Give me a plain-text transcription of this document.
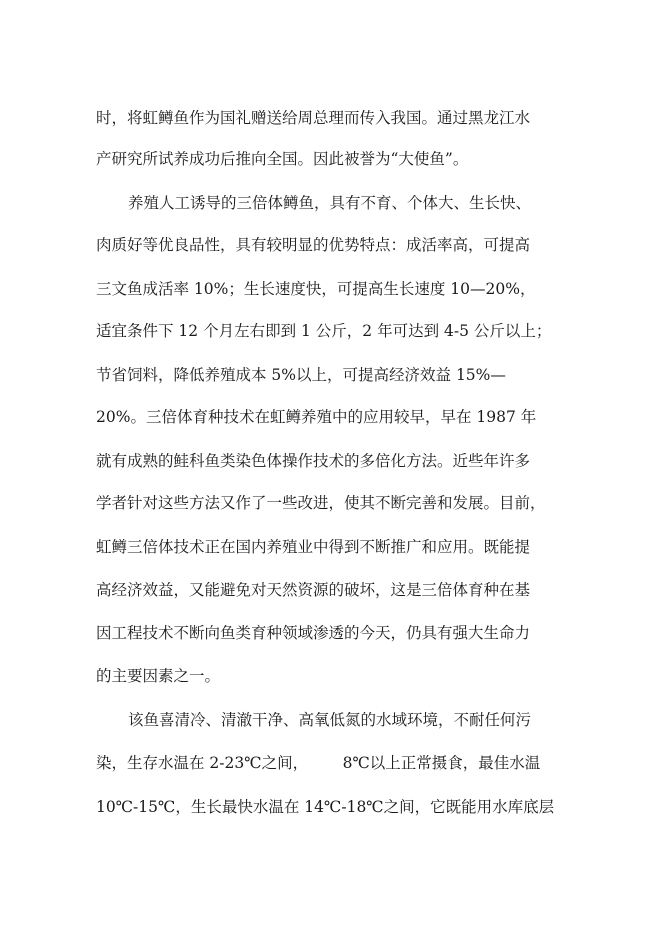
时，将虹鳟鱼作为国礼赠送给周总理而传入我国。通过黑龙江水
产研究所试养成功后推向全国。因此被誉为“大使鱼”。
养殖人工诱导的三倍体鳟鱼，具有不育、个体大、生长快、
肉质好等优良品性，具有较明显的优势特点：成活率高，可提高
三文鱼成活率 10%；生长速度快，可提高生长速度 10—20%，
适宜条件下 12 个月左右即到 1 公斤，2 年可达到 4-5 公斤以上；
节省饲料，降低养殖成本 5%以上，可提高经济效益 15%—
20%。三倍体育种技术在虹鳟养殖中的应用较早，早在 1987 年
就有成熟的鲑科鱼类染色体操作技术的多倍化方法。近些年许多
学者针对这些方法又作了一些改进，使其不断完善和发展。目前，
虹鳟三倍体技术正在国内养殖业中得到不断推广和应用。既能提
高经济效益，又能避免对天然资源的破坏，这是三倍体育种在基
因工程技术不断向鱼类育种领域渗透的今天，仍具有强大生命力
的主要因素之一。
该鱼喜清冷、清澈干净、高氧低氮的水域环境，不耐任何污
染，生存水温在 2-23℃之间，       8℃以上正常摄食，最佳水温
10℃-15℃，生长最快水温在 14℃-18℃之间，它既能用水库底层
